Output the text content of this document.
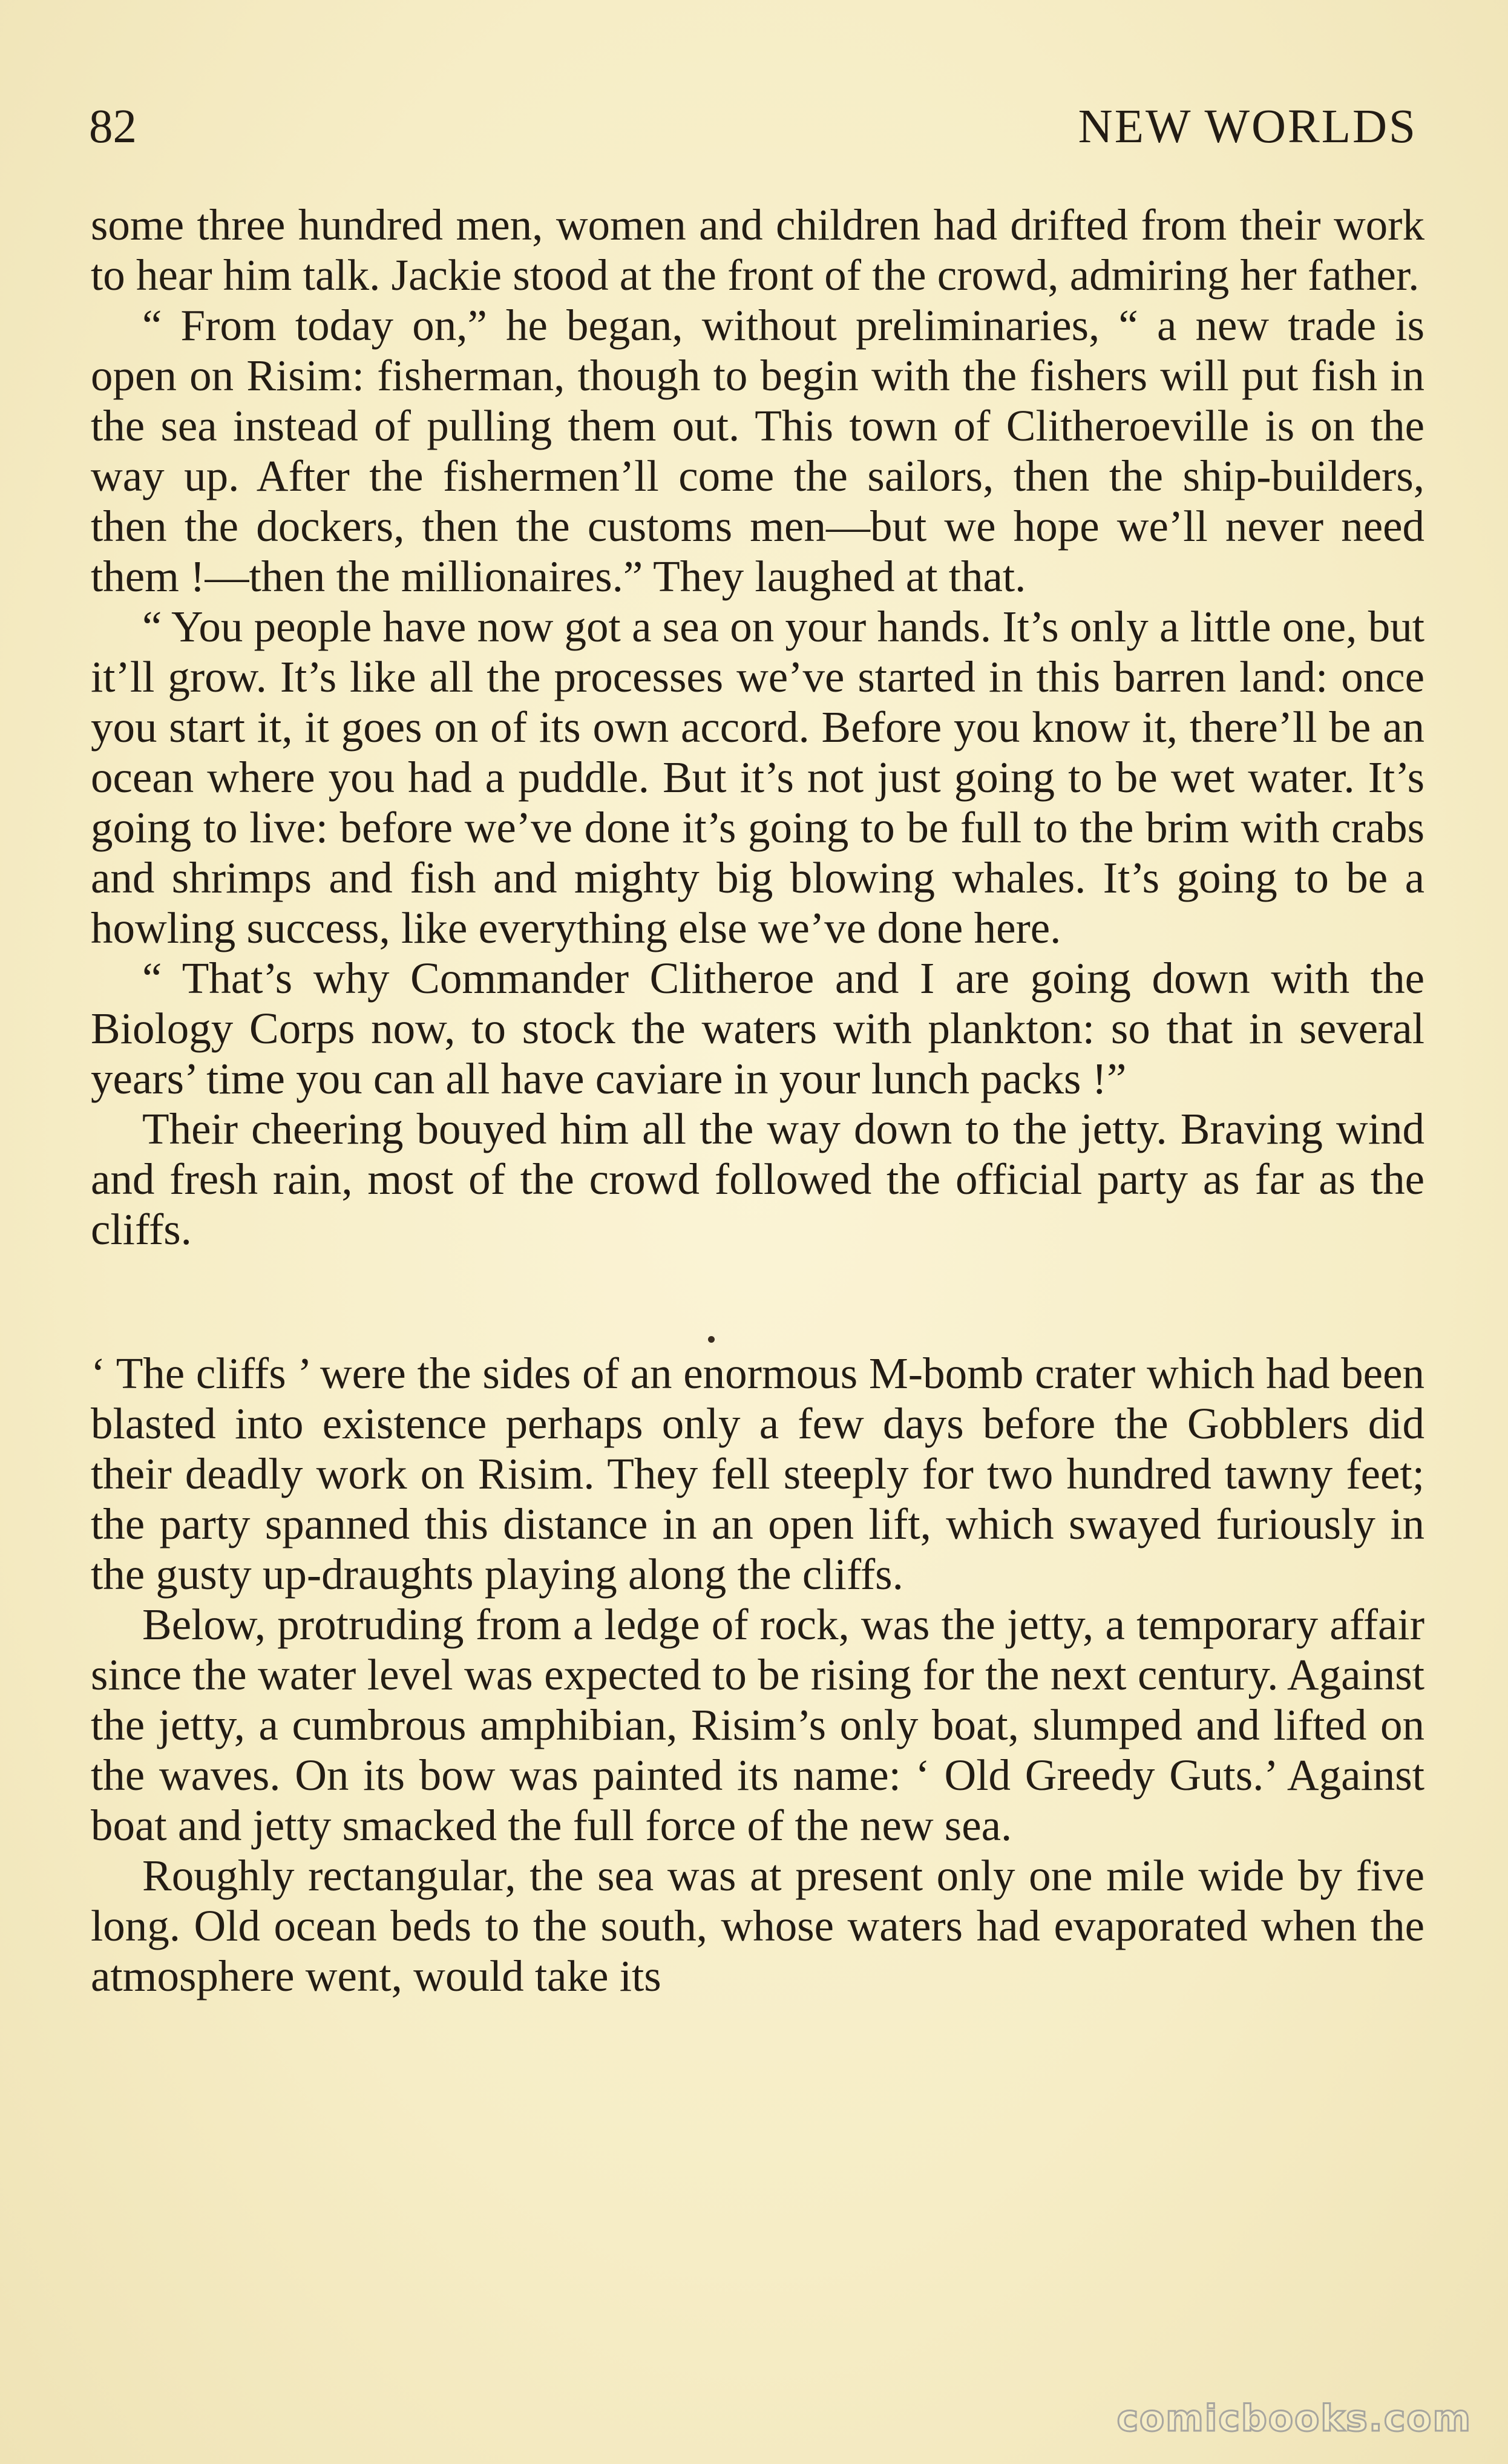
82	NEW WORLDS

some three hundred men, women and children had drifted from their work to hear him talk. Jackie stood at the front of the crowd, admiring her father.

“ From today on,” he began, without preliminaries, “ a new trade is open on Risim: fisherman, though to begin with the fishers will put fish in the sea instead of pulling them out. This town of Clitheroeville is on the way up. After the fishermen’ll come the sailors, then the ship-builders, then the dockers, then the customs men—but we hope we’ll never need them !—then the millionaires.” They laughed at that.

“ You people have now got a sea on your hands. It’s only a little one, but it’ll grow. It’s like all the processes we’ve started in this barren land: once you start it, it goes on of its own accord. Before you know it, there’ll be an ocean where you had a puddle. But it’s not just going to be wet water. It’s going to live: before we’ve done it’s going to be full to the brim with crabs and shrimps and fish and mighty big blowing whales. It’s going to be a howling success, like everything else we’ve done here.

“ That’s why Commander Clitheroe and I are going down with the Biology Corps now, to stock the waters with plankton: so that in several years’ time you can all have caviare in your lunch packs !”

Their cheering bouyed him all the way down to the jetty. Braving wind and fresh rain, most of the crowd followed the official party as far as the cliffs.

‘ The cliffs ’ were the sides of an enormous M-bomb crater which had been blasted into existence perhaps only a few days before the Gobblers did their deadly work on Risim. They fell steeply for two hundred tawny feet; the party spanned this distance in an open lift, which swayed furiously in the gusty up-draughts playing along the cliffs.

Below, protruding from a ledge of rock, was the jetty, a temporary affair since the water level was expected to be rising for the next century. Against the jetty, a cumbrous amphibian, Risim’s only boat, slumped and lifted on the waves. On its bow was painted its name: ‘ Old Greedy Guts.’ Against boat and jetty smacked the full force of the new sea.

Roughly rectangular, the sea was at present only one mile wide by five long. Old ocean beds to the south, whose waters had evaporated when the atmosphere went, would take its

comicbooks.com
